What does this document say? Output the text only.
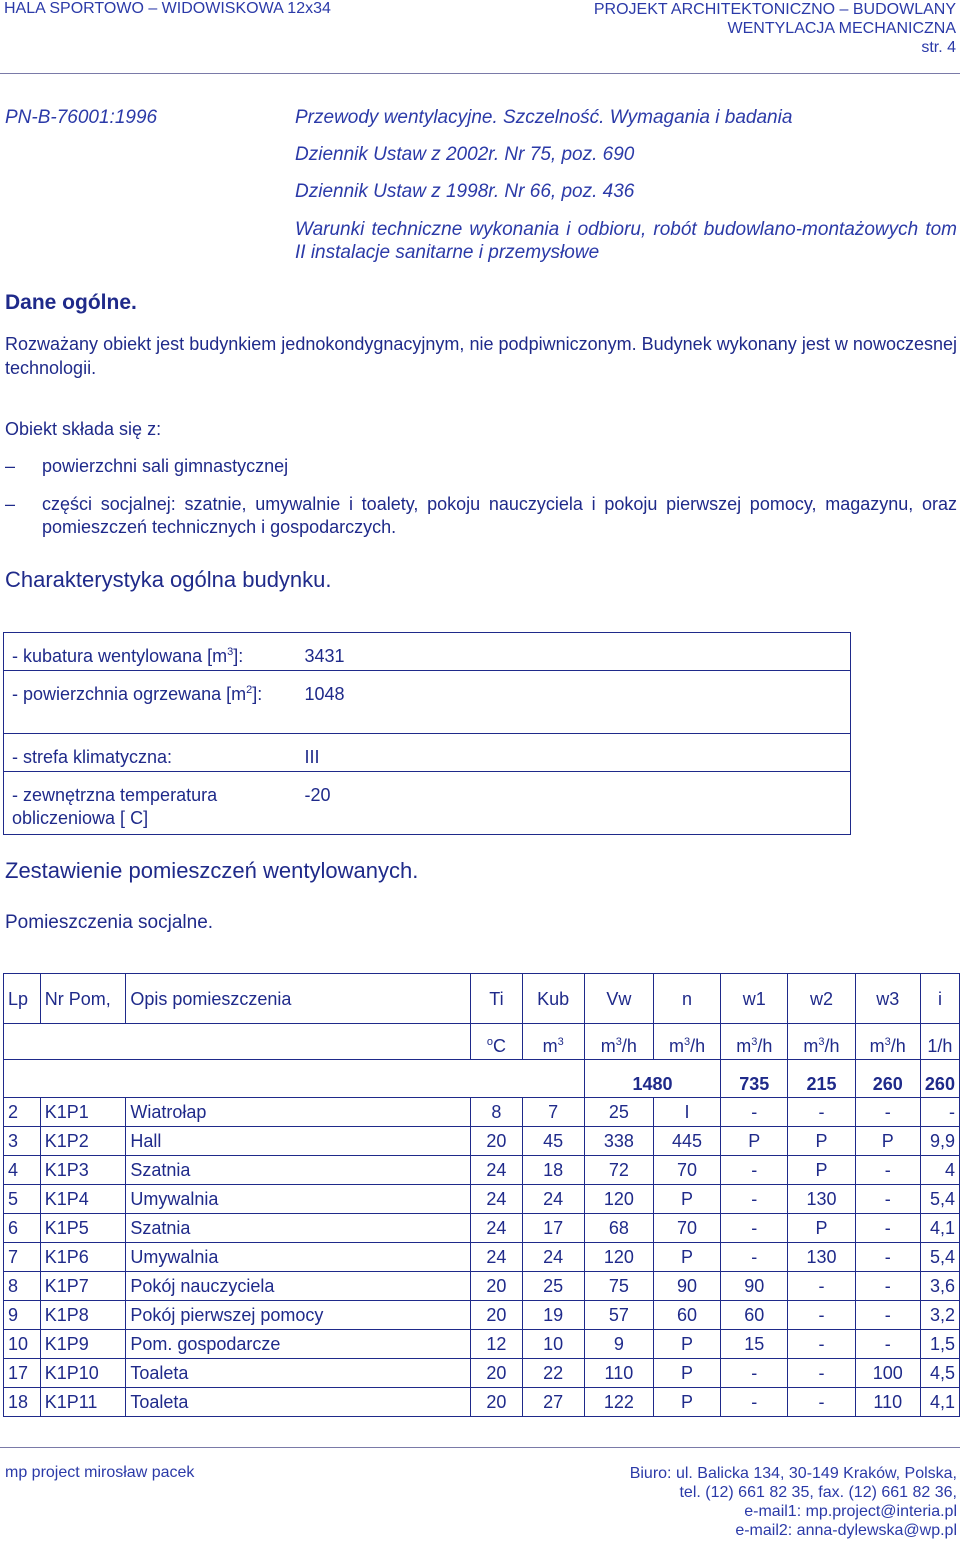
HALA SPORTOWO – WIDOWISKOWA 12x34	PROJEKT ARCHITEKTONICZNO – BUDOWLANY
WENTYLACJA MECHANICZNA
str. 4
PN-B-76001:1996	Przewody wentylacyjne. Szczelność. Wymagania i badania
Dziennik Ustaw z 2002r. Nr 75, poz. 690
Dziennik Ustaw z 1998r. Nr 66, poz. 436
Warunki techniczne wykonania i odbioru, robót budowlano-montażowych tom II instalacje sanitarne i przemysłowe
Dane ogólne.
Rozważany obiekt jest budynkiem jednokondygnacyjnym, nie podpiwniczonym. Budynek wykonany jest w nowoczesnej technologii.
Obiekt składa się z:
– powierzchni sali gimnastycznej
– części socjalnej: szatnie, umywalnie i toalety, pokoju nauczyciela i pokoju pierwszej pomocy, magazynu, oraz pomieszczeń technicznych i gospodarczych.
Charakterystyka ogólna budynku.
- kubatura wentylowana $[m^3]$:	3431
- powierzchnia ogrzewana $[m^2]$:	1048
- strefa klimatyczna:	III
- zewnętrzna temperatura obliczeniowa [ C]	-20
Zestawienie pomieszczeń wentylowanych.
Pomieszczenia socjalne.
Lp	Nr Pom,	Opis pomieszczenia	Ti	Kub	Vw	n	w1	w2	w3	i
			$^o$C	$m^3$	$m^3/h$	$m^3/h$	$m^3/h$	$m^3/h$	$m^3/h$	1/h
					1480		735	215	260	260
2	K1P1	Wiatrołap	8	7	25	I	-	-	-	-
3	K1P2	Hall	20	45	338	445	P	P	P	9,9
4	K1P3	Szatnia	24	18	72	70	-	P	-	4
5	K1P4	Umywalnia	24	24	120	P	-	130	-	5,4
6	K1P5	Szatnia	24	17	68	70	-	P	-	4,1
7	K1P6	Umywalnia	24	24	120	P	-	130	-	5,4
8	K1P7	Pokój nauczyciela	20	25	75	90	90	-	-	3,6
9	K1P8	Pokój pierwszej pomocy	20	19	57	60	60	-	-	3,2
10	K1P9	Pom. gospodarcze	12	10	9	P	15	-	-	1,5
17	K1P10	Toaleta	20	22	110	P	-	-	100	4,5
18	K1P11	Toaleta	20	27	122	P	-	-	110	4,1
mp project mirosław pacek	Biuro: ul. Balicka 134, 30-149 Kraków, Polska,
tel. (12) 661 82 35, fax. (12) 661 82 36,
e-mail1: mp.project@interia.pl
e-mail2: anna-dylewska@wp.pl
